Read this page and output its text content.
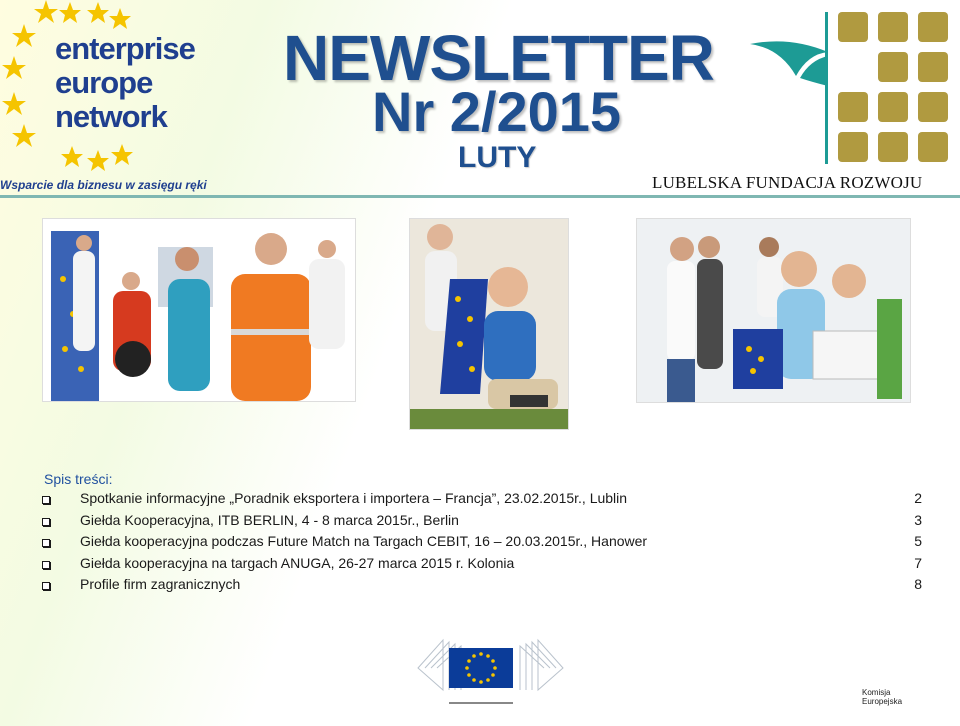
enterprise
europe
network
Wsparcie dla biznesu w zasięgu ręki
NEWSLETTER
Nr 2/2015
LUTY
LUBELSKA FUNDACJA ROZWOJU
Spis treści:
Spotkanie informacyjne „Poradnik eksportera i importera – Francja”, 23.02.2015r., Lublin	2
Giełda Kooperacyjna, ITB BERLIN, 4 - 8 marca 2015r., Berlin	3
Giełda kooperacyjna podczas Future Match na Targach CEBIT, 16 – 20.03.2015r., Hanower	5
Giełda kooperacyjna na targach ANUGA, 26-27 marca 2015 r. Kolonia	7
Profile firm zagranicznych	8
Komisja
Europejska
